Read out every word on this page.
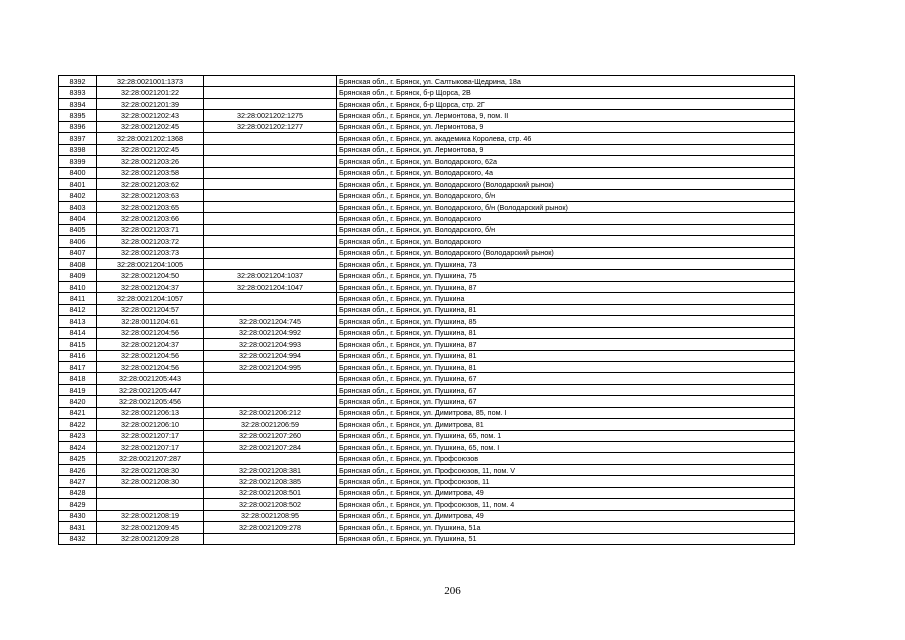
8392	32:28:0021001:1373		Брянская обл., г. Брянск, ул. Салтыкова-Щедрина, 18а
8393	32:28:0021201:22		Брянская обл., г. Брянск, б-р Щорса, 2В
8394	32:28:0021201:39		Брянская обл., г. Брянск, б-р Щорса, стр. 2Г
8395	32:28:0021202:43	32:28:0021202:1275	Брянская обл., г. Брянск, ул. Лермонтова, 9, пом. II
8396	32:28:0021202:45	32:28:0021202:1277	Брянская обл., г. Брянск, ул. Лермонтова, 9
8397	32:28:0021202:1368		Брянская обл., г. Брянск, ул. академика Королева, стр. 46
8398	32:28:0021202:45		Брянская обл., г. Брянск, ул. Лермонтова, 9
8399	32:28:0021203:26		Брянская обл., г. Брянск, ул. Володарского, 62а
8400	32:28:0021203:58		Брянская обл., г. Брянск, ул. Володарского, 4а
8401	32:28:0021203:62		Брянская обл., г. Брянск, ул. Володарского (Володарский рынок)
8402	32:28:0021203:63		Брянская обл., г. Брянск, ул. Володарского, б/н
8403	32:28:0021203:65		Брянская обл., г. Брянск, ул. Володарского, б/н (Володарский рынок)
8404	32:28:0021203:66		Брянская обл., г. Брянск, ул. Володарского
8405	32:28:0021203:71		Брянская обл., г. Брянск, ул. Володарского, б/н
8406	32:28:0021203:72		Брянская обл., г. Брянск, ул. Володарского
8407	32:28:0021203:73		Брянская обл., г. Брянск, ул. Володарского (Володарский рынок)
8408	32:28:0021204:1005		Брянская обл., г. Брянск, ул. Пушкина, 73
8409	32:28:0021204:50	32:28:0021204:1037	Брянская обл., г. Брянск, ул. Пушкина, 75
8410	32:28:0021204:37	32:28:0021204:1047	Брянская обл., г. Брянск, ул. Пушкина, 87
8411	32:28:0021204:1057		Брянская обл., г. Брянск, ул. Пушкина
8412	32:28:0021204:57		Брянская обл., г. Брянск, ул. Пушкина, 81
8413	32:28:0011204:61	32:28:0021204:745	Брянская обл., г. Брянск, ул. Пушкина, 85
8414	32:28:0021204:56	32:28:0021204:992	Брянская обл., г. Брянск, ул. Пушкина, 81
8415	32:28:0021204:37	32:28:0021204:993	Брянская обл., г. Брянск, ул. Пушкина, 87
8416	32:28:0021204:56	32:28:0021204:994	Брянская обл., г. Брянск, ул. Пушкина, 81
8417	32:28:0021204:56	32:28:0021204:995	Брянская обл., г. Брянск, ул. Пушкина, 81
8418	32:28:0021205:443		Брянская обл., г. Брянск, ул. Пушкина, 67
8419	32:28:0021205:447		Брянская обл., г. Брянск, ул. Пушкина, 67
8420	32:28:0021205:456		Брянская обл., г. Брянск, ул. Пушкина, 67
8421	32:28:0021206:13	32:28:0021206:212	Брянская обл., г. Брянск, ул. Димитрова, 85, пом. I
8422	32:28:0021206:10	32:28:0021206:59	Брянская обл., г. Брянск, ул. Димитрова, 81
8423	32:28:0021207:17	32:28:0021207:260	Брянская обл., г. Брянск, ул. Пушкина, 65, пом. 1
8424	32:28:0021207:17	32:28:0021207:284	Брянская обл., г. Брянск, ул. Пушкина, 65, пом. I
8425	32:28:0021207:287		Брянская обл., г. Брянск, ул. Профсоюзов
8426	32:28:0021208:30	32:28:0021208:381	Брянская обл., г. Брянск, ул. Профсоюзов, 11, пом. V
8427	32:28:0021208:30	32:28:0021208:385	Брянская обл., г. Брянск, ул. Профсоюзов, 11
8428		32:28:0021208:501	Брянская обл., г. Брянск, ул. Димитрова, 49
8429		32:28:0021208:502	Брянская обл., г. Брянск, ул. Профсоюзов, 11, пом. 4
8430	32:28:0021208:19	32:28:0021208:95	Брянская обл., г. Брянск, ул. Димитрова, 49
8431	32:28:0021209:45	32:28:0021209:278	Брянская обл., г. Брянск, ул. Пушкина, 51а
8432	32:28:0021209:28		Брянская обл., г. Брянск, ул. Пушкина, 51
206
